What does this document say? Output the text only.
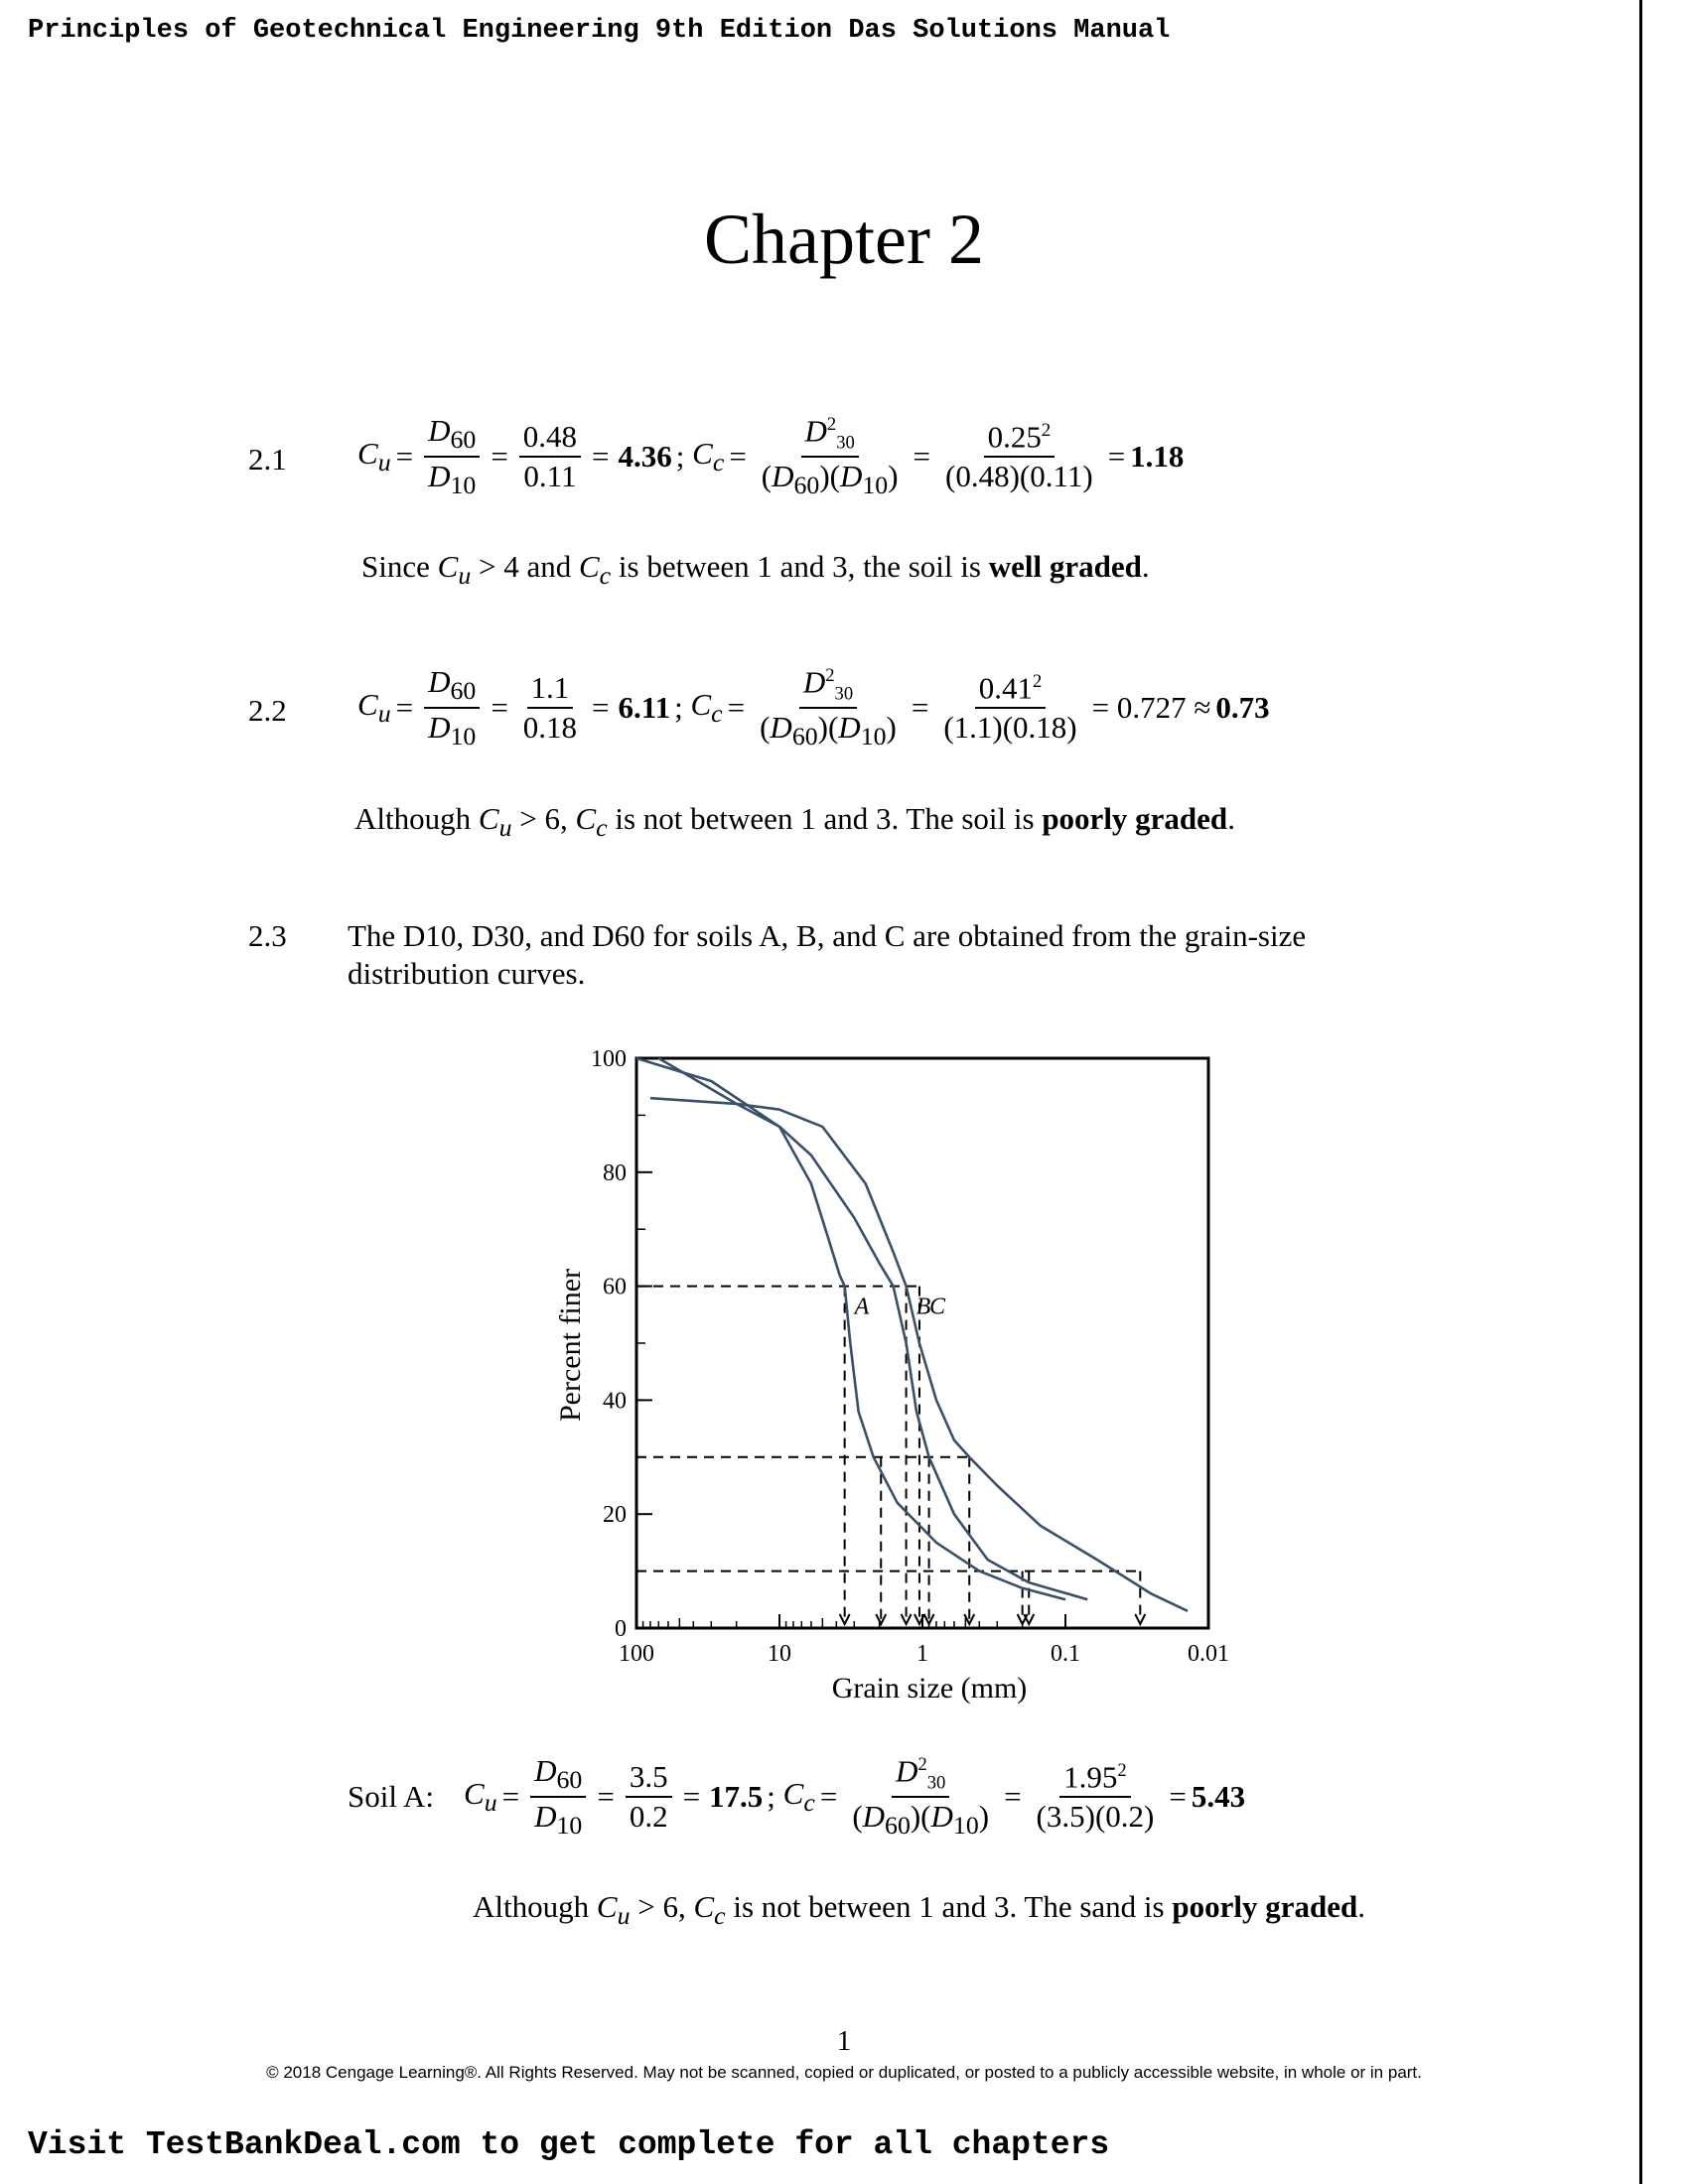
Principles of Geotechnical Engineering 9th Edition Das Solutions Manual
Chapter 2
2.1 $C_u = \frac{D_{60}}{D_{10}} = \frac{0.48}{0.11} = 4.36$ ; $C_c = \frac{D^2_{30}}{(D_{60})(D_{10})} = \frac{0.25^2}{(0.48)(0.11)} = 1.18$
Since $C_u > 4$ and $C_c$ is between 1 and 3, the soil is well graded.
2.2 $C_u = \frac{D_{60}}{D_{10}} = \frac{1.1}{0.18} = 6.11$ ; $C_c = \frac{D^2_{30}}{(D_{60})(D_{10})} = \frac{0.41^2}{(1.1)(0.18)} = 0.727 \approx 0.73$
Although $C_u > 6$, $C_c$ is not between 1 and 3. The soil is poorly graded.
2.3 The D10, D30, and D60 for soils A, B, and C are obtained from the grain-size
distribution curves.
100	10	1	0.1	0.01
0
20
40
60
80
100
A B
C
Grain size (mm)
Percent finer
Soil A: $C_u = \frac{D_{60}}{D_{10}} = \frac{3.5}{0.2} = 17.5$ ; $C_c = \frac{D^2_{30}}{(D_{60})(D_{10})} = \frac{1.95^2}{(3.5)(0.2)} = 5.43$
Although $C_u > 6$, $C_c$ is not between 1 and 3. The sand is poorly graded.
1
© 2018 Cengage Learning®. All Rights Reserved. May not be scanned, copied or duplicated, or posted to a publicly accessible website, in whole or in part.
Visit TestBankDeal.com to get complete for all chapters
